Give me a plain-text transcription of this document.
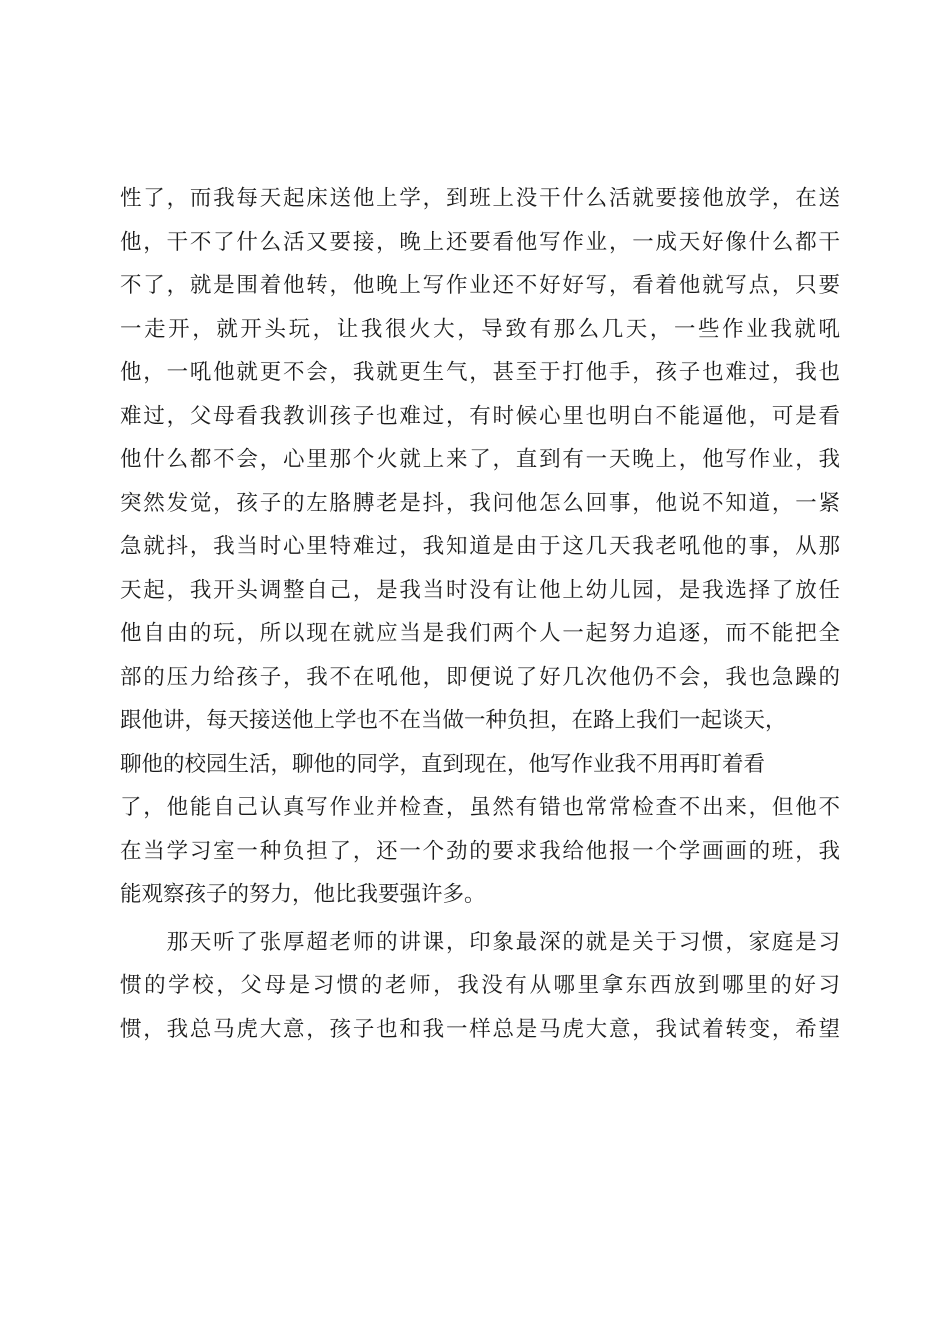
性了，而我每天起床送他上学，到班上没干什么活就要接他放学，在送
他，干不了什么活又要接，晚上还要看他写作业，一成天好像什么都干
不了，就是围着他转，他晚上写作业还不好好写，看着他就写点，只要
一走开，就开头玩，让我很火大，导致有那么几天，一些作业我就吼
他，一吼他就更不会，我就更生气，甚至于打他手，孩子也难过，我也
难过，父母看我教训孩子也难过，有时候心里也明白不能逼他，可是看
他什么都不会，心里那个火就上来了，直到有一天晚上，他写作业，我
突然发觉，孩子的左胳膊老是抖，我问他怎么回事，他说不知道，一紧
急就抖，我当时心里特难过，我知道是由于这几天我老吼他的事，从那
天起，我开头调整自己，是我当时没有让他上幼儿园，是我选择了放任
他自由的玩，所以现在就应当是我们两个人一起努力追逐，而不能把全
部的压力给孩子，我不在吼他，即便说了好几次他仍不会，我也急躁的
跟他讲，每天接送他上学也不在当做一种负担，在路上我们一起谈天，
聊他的校园生活，聊他的同学，直到现在，他写作业我不用再盯着看
了，他能自己认真写作业并检查，虽然有错也常常检查不出来，但他不
在当学习室一种负担了，还一个劲的要求我给他报一个学画画的班，我
能观察孩子的努力，他比我要强许多。
　　那天听了张厚超老师的讲课，印象最深的就是关于习惯，家庭是习
惯的学校，父母是习惯的老师，我没有从哪里拿东西放到哪里的好习
惯，我总马虎大意，孩子也和我一样总是马虎大意，我试着转变，希望
